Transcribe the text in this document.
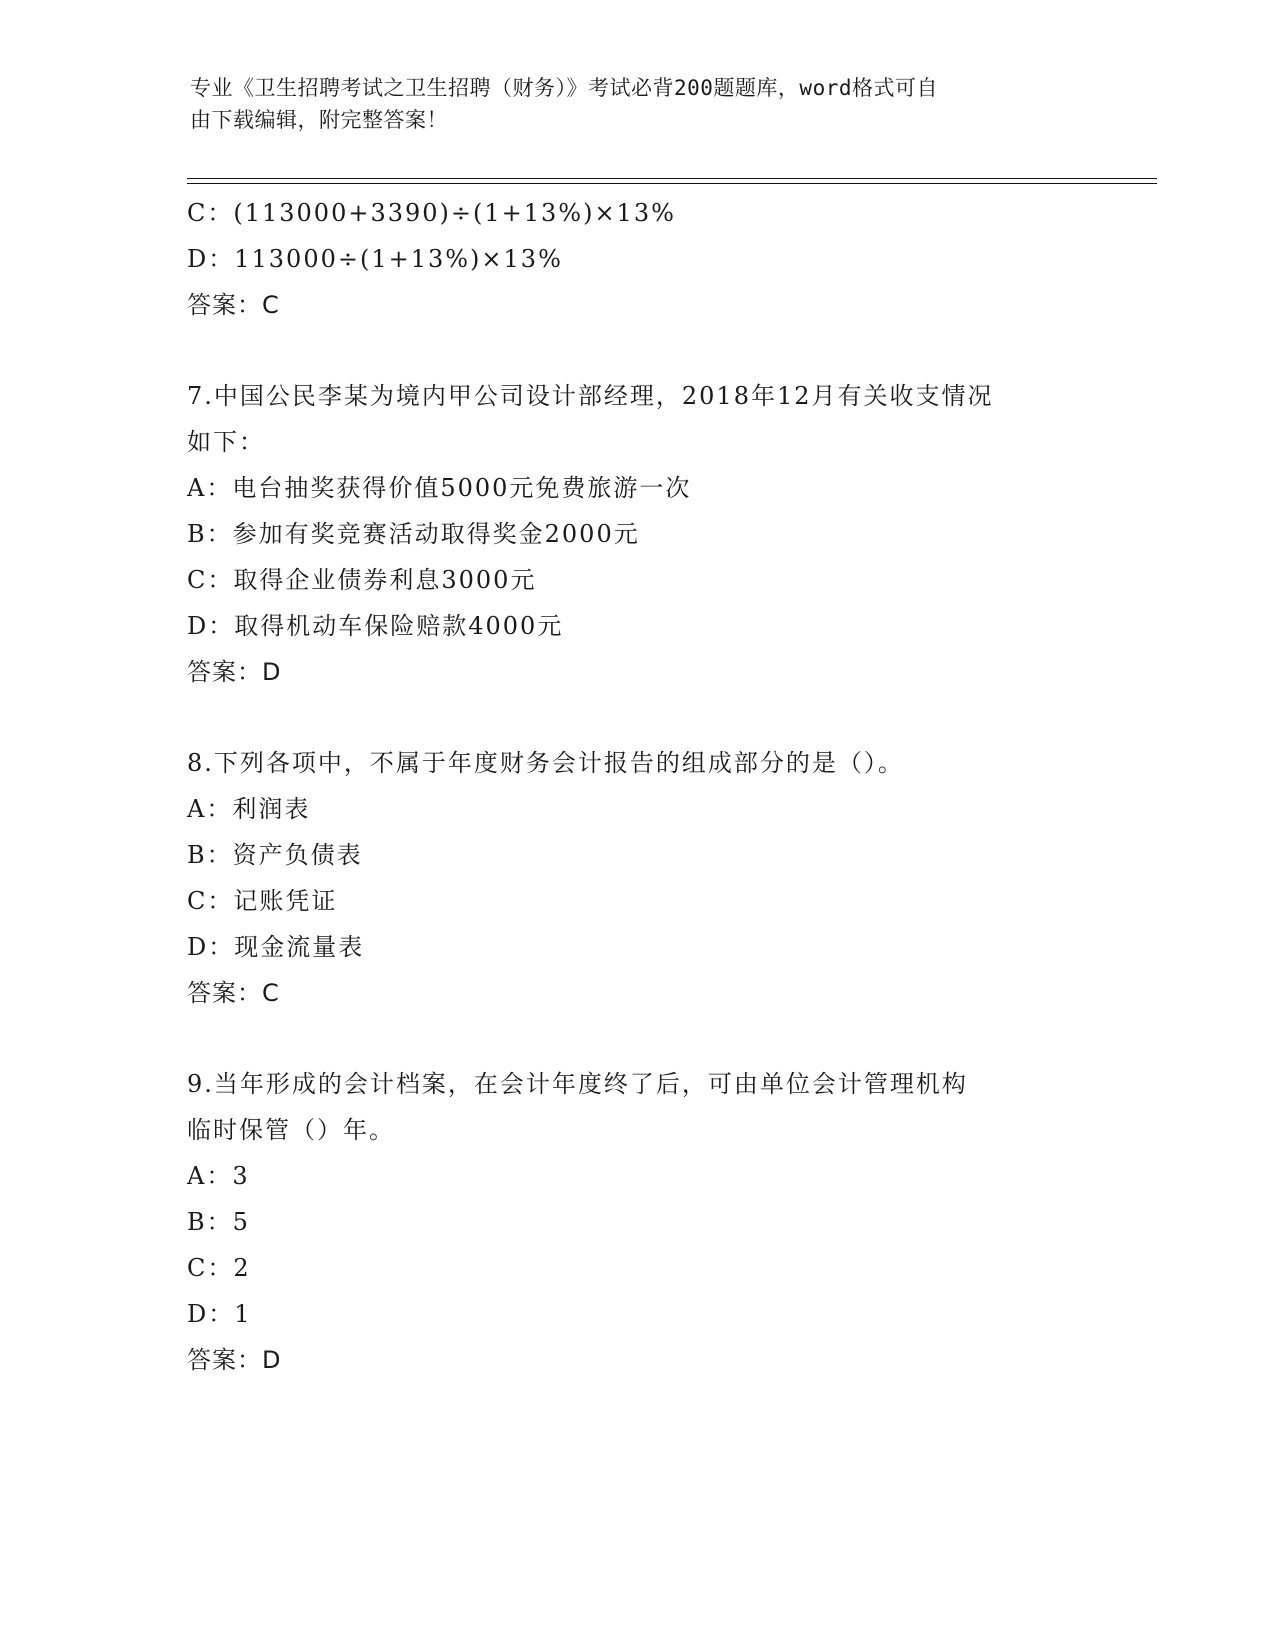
专业《卫生招聘考试之卫生招聘（财务）》考试必背200题题库，word格式可自
由下载编辑，附完整答案！
C：(113000+3390)÷(1+13%)×13%
D：113000÷(1+13%)×13%
答案：C
7.中国公民李某为境内甲公司设计部经理，2018年12月有关收支情况
如下：
A：电台抽奖获得价值5000元免费旅游一次
B：参加有奖竞赛活动取得奖金2000元
C：取得企业债券利息3000元
D：取得机动车保险赔款4000元
答案：D
8.下列各项中，不属于年度财务会计报告的组成部分的是（）。
A：利润表
B：资产负债表
C：记账凭证
D：现金流量表
答案：C
9.当年形成的会计档案，在会计年度终了后，可由单位会计管理机构
临时保管（）年。
A：3
B：5
C：2
D：1
答案：D
